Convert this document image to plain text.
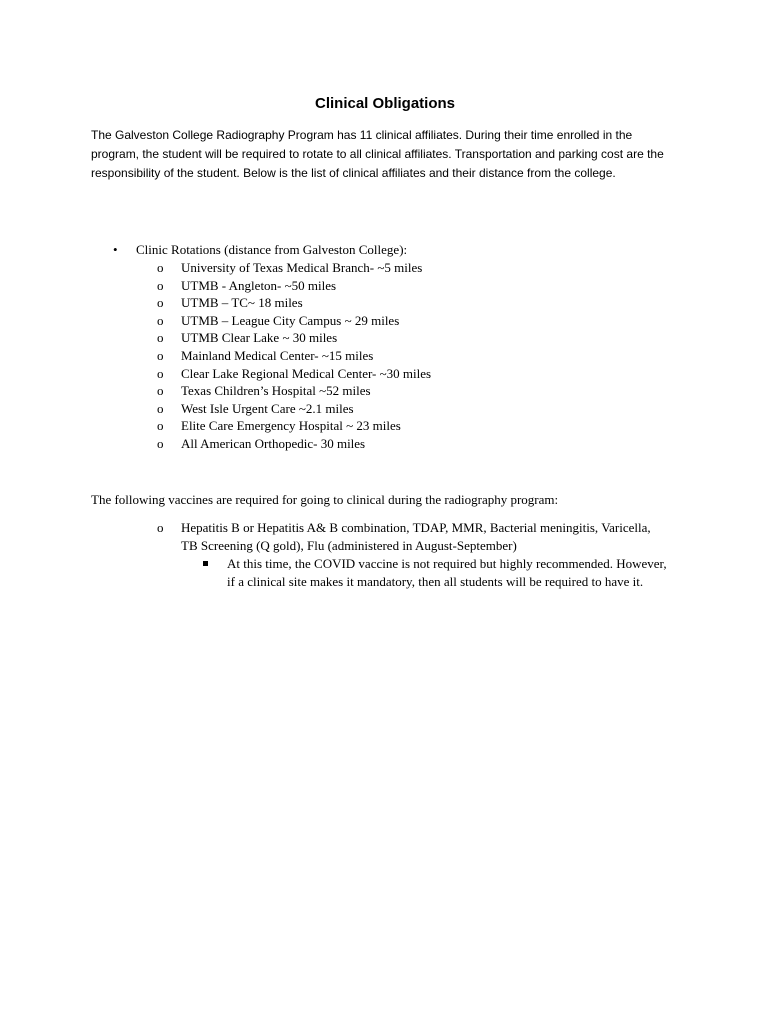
Clinical Obligations
The Galveston College Radiography Program has 11 clinical affiliates. During their time enrolled in the program, the student will be required to rotate to all clinical affiliates. Transportation and parking cost are the responsibility of the student. Below is the list of clinical affiliates and their distance from the college.
• Clinic Rotations (distance from Galveston College):
o University of Texas Medical Branch- ~5 miles
o UTMB - Angleton- ~50 miles
o UTMB – TC~ 18 miles
o UTMB – League City Campus ~ 29 miles
o UTMB Clear Lake ~ 30 miles
o Mainland Medical Center- ~15 miles
o Clear Lake Regional Medical Center- ~30 miles
o Texas Children’s Hospital ~52 miles
o West Isle Urgent Care ~2.1 miles
o Elite Care Emergency Hospital ~ 23 miles
o All American Orthopedic- 30 miles
The following vaccines are required for going to clinical during the radiography program:
o Hepatitis B or Hepatitis A& B combination, TDAP, MMR, Bacterial meningitis, Varicella, TB Screening (Q gold), Flu (administered in August-September)
At this time, the COVID vaccine is not required but highly recommended. However, if a clinical site makes it mandatory, then all students will be required to have it.
